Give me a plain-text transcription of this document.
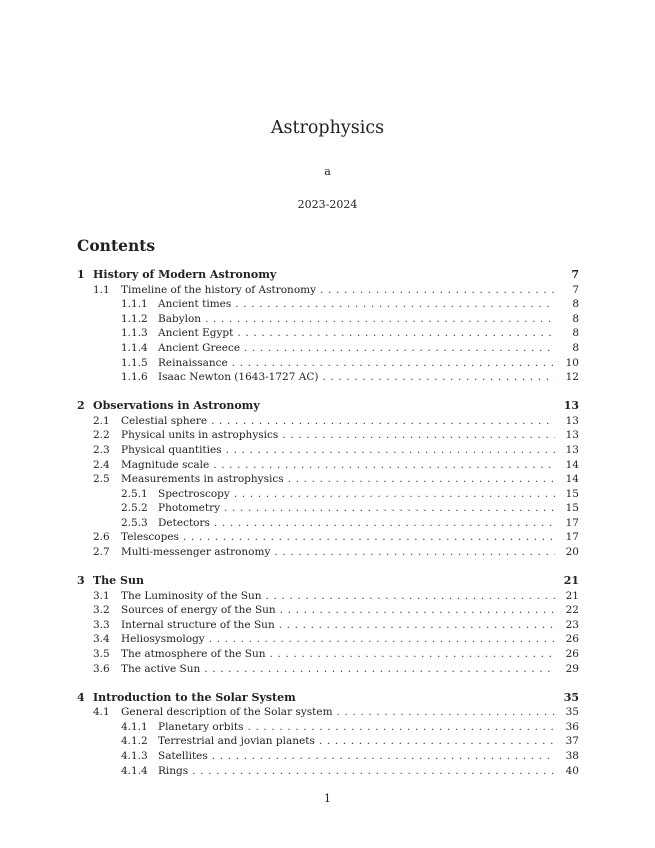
Astrophysics
a
2023-2024
Contents
1 History of Modern Astronomy	7
1.1	Timeline of the history of Astronomy . . .	7
1.1.1 Ancient times . . .	8
1.1.2 Babylon . . .	8
1.1.3 Ancient Egypt . . .	8
1.1.4 Ancient Greece . . .	8
1.1.5 Reinaissance . . .	10
1.1.6 Isaac Newton (1643-1727 AC) . . .	12
2 Observations in Astronomy	13
2.1	Celestial sphere . . .	13
2.2	Physical units in astrophysics . . .	13
2.3	Physical quantities . . .	13
2.4	Magnitude scale . . .	14
2.5	Measurements in astrophysics . . .	14
2.5.1 Spectroscopy . . .	15
2.5.2 Photometry . . .	15
2.5.3 Detectors . . .	17
2.6	Telescopes . . .	17
2.7	Multi-messenger astronomy . . .	20
3 The Sun	21
3.1	The Luminosity of the Sun . . .	21
3.2	Sources of energy of the Sun . . .	22
3.3	Internal structure of the Sun . . .	23
3.4	Heliosysmology . . .	26
3.5	The atmosphere of the Sun . . .	26
3.6	The active Sun . . .	29
4 Introduction to the Solar System	35
4.1	General description of the Solar system . . .	35
4.1.1 Planetary orbits . . .	36
4.1.2 Terrestrial and jovian planets . . .	37
4.1.3 Satellites . . .	38
4.1.4 Rings . . .	40
1
